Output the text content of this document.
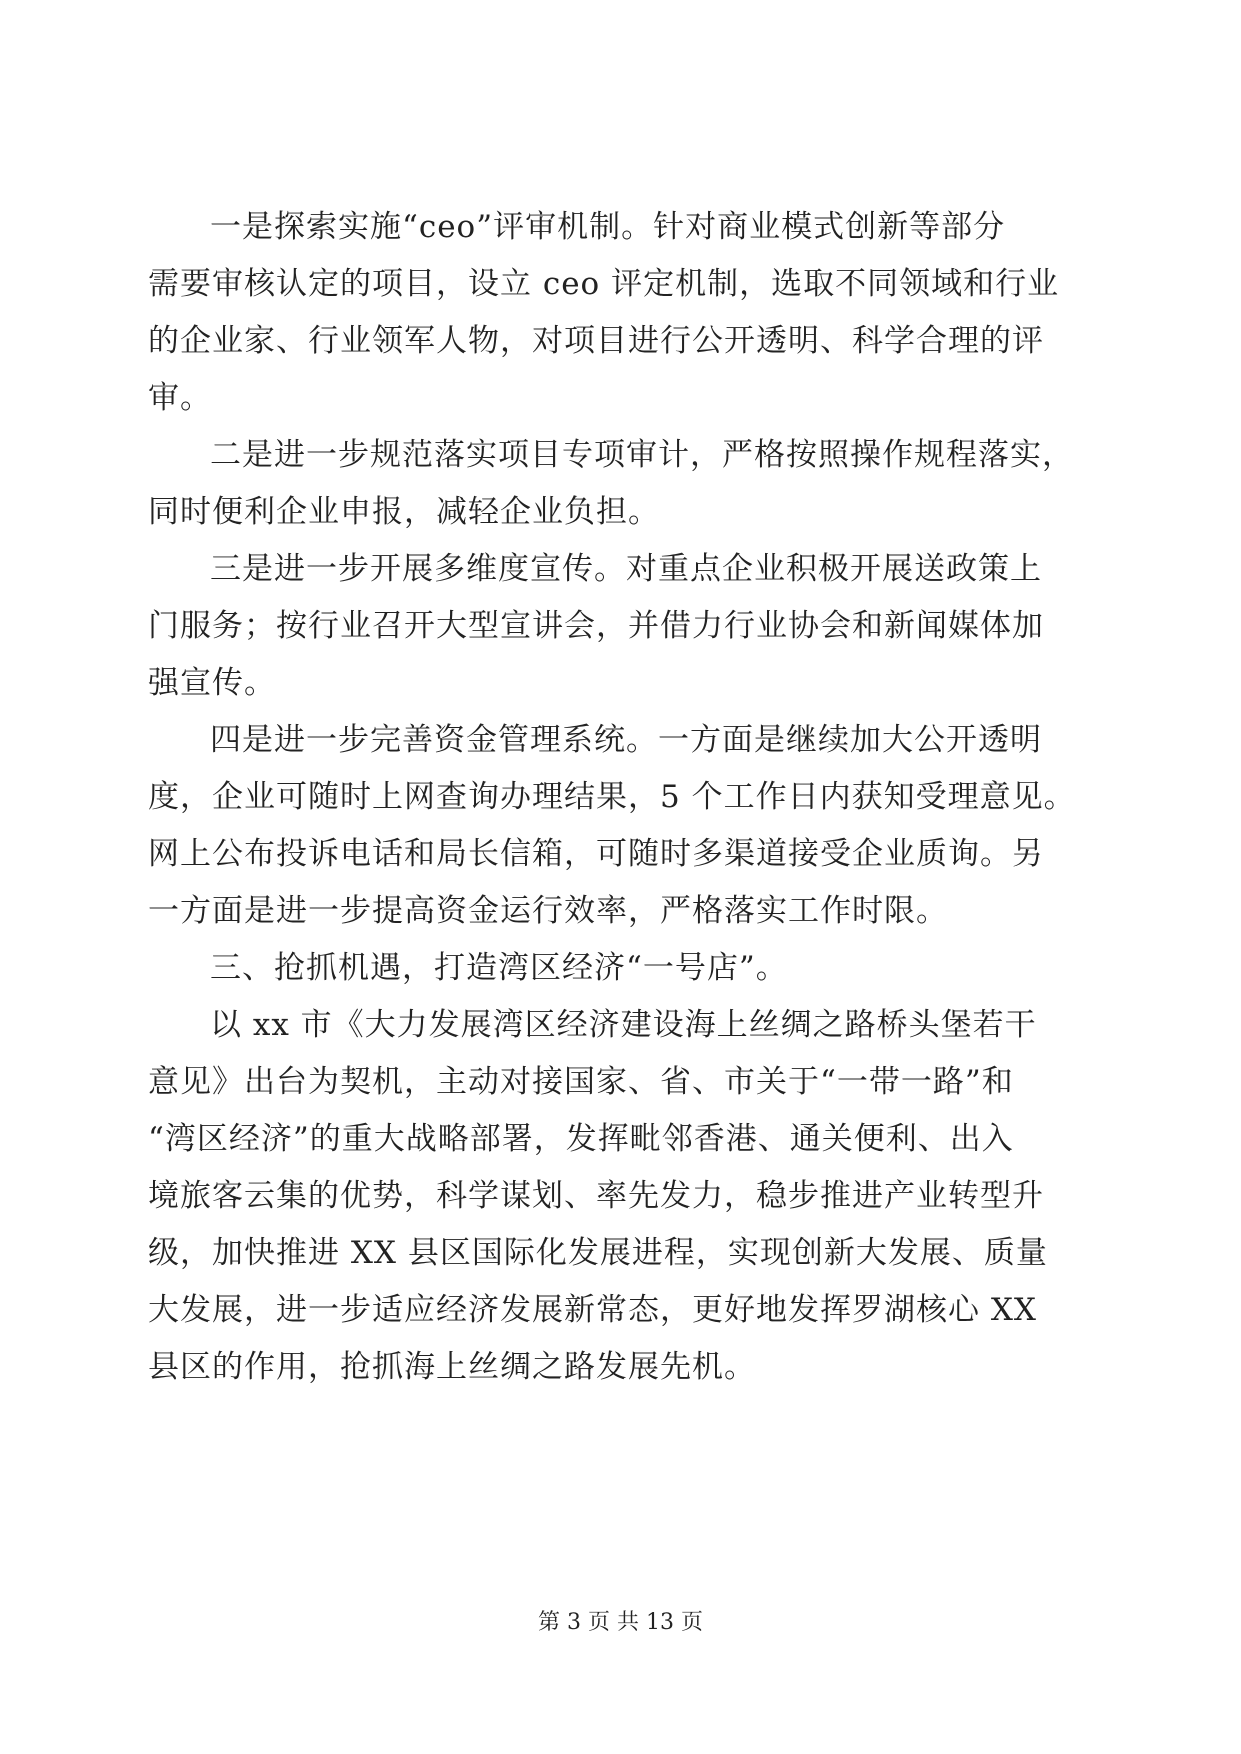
一是探索实施“ceo”评审机制。针对商业模式创新等部分
需要审核认定的项目，设立 ceo 评定机制，选取不同领域和行业
的企业家、行业领军人物，对项目进行公开透明、科学合理的评
审。
二是进一步规范落实项目专项审计，严格按照操作规程落实，
同时便利企业申报，减轻企业负担。
三是进一步开展多维度宣传。对重点企业积极开展送政策上
门服务；按行业召开大型宣讲会，并借力行业协会和新闻媒体加
强宣传。
四是进一步完善资金管理系统。一方面是继续加大公开透明
度，企业可随时上网查询办理结果，5 个工作日内获知受理意见。
网上公布投诉电话和局长信箱，可随时多渠道接受企业质询。另
一方面是进一步提高资金运行效率，严格落实工作时限。
三、抢抓机遇，打造湾区经济“一号店”。
以 xx 市《大力发展湾区经济建设海上丝绸之路桥头堡若干
意见》出台为契机，主动对接国家、省、市关于“一带一路”和
“湾区经济”的重大战略部署，发挥毗邻香港、通关便利、出入
境旅客云集的优势，科学谋划、率先发力，稳步推进产业转型升
级，加快推进 XX 县区国际化发展进程，实现创新大发展、质量
大发展，进一步适应经济发展新常态，更好地发挥罗湖核心 XX
县区的作用，抢抓海上丝绸之路发展先机。
第 3 页 共 13 页
